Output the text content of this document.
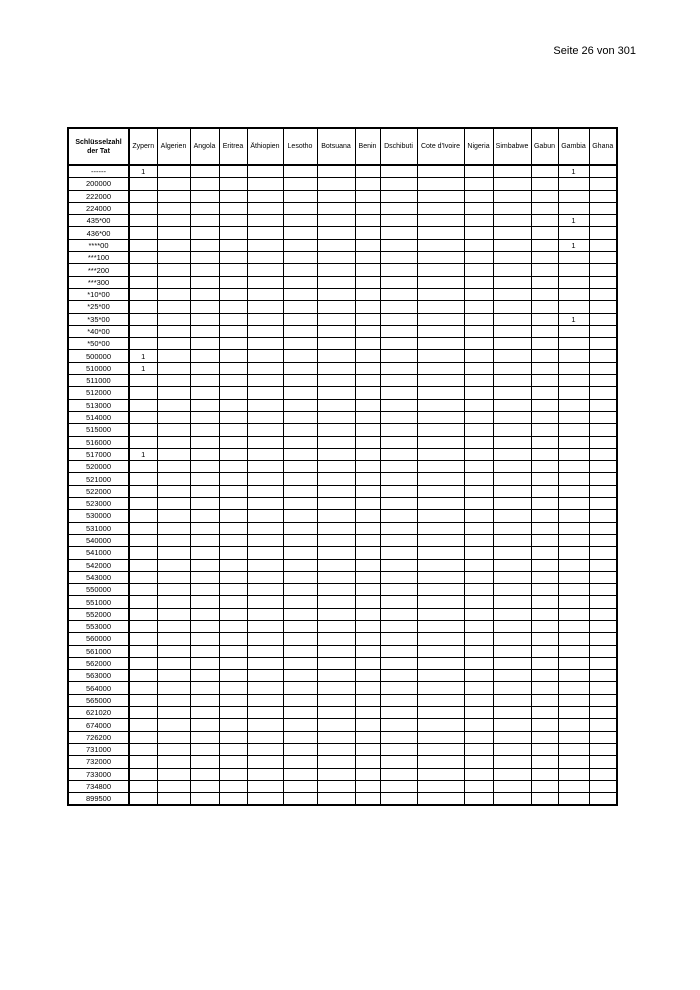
Seite 26 von 301
Schlüsselzahl
der Tat	Zypern	Algerien	Angola	Eritrea	Äthiopien	Lesotho	Botsuana	Benin	Dschibuti	Cote d'Ivoire	Nigeria	Simbabwe	Gabun	Gambia	Ghana
------	1													1	
200000															
222000															
224000															
435*00														1	
436*00															
****00														1	
***100															
***200															
***300															
*10*00															
*25*00															
*35*00														1	
*40*00															
*50*00															
500000	1														
510000	1														
511000															
512000															
513000															
514000															
515000															
516000															
517000	1														
520000															
521000															
522000															
523000															
530000															
531000															
540000															
541000															
542000															
543000															
550000															
551000															
552000															
553000															
560000															
561000															
562000															
563000															
564000															
565000															
621020															
674000															
726200															
731000															
732000															
733000															
734800															
899500															
